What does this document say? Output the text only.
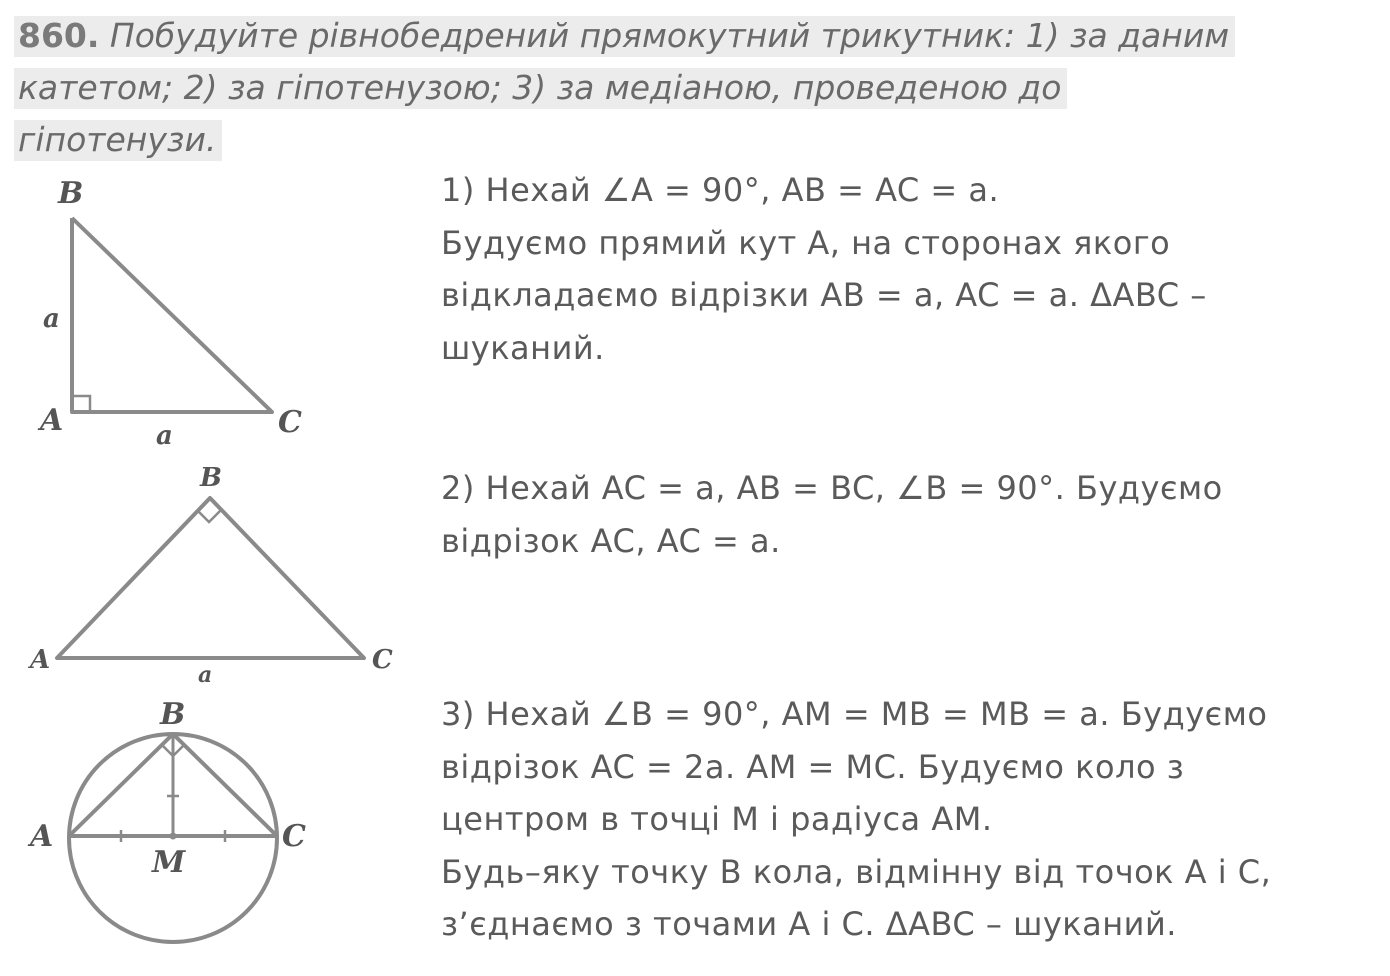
860. Побудуйте рівнобедрений прямокутний трикутник: 1) за даним
катетом; 2) за гіпотенузою; 3) за медіаною, проведеною до
гіпотенузи.
B
A	C
a
a
B
A	C
a
B
A	C
M

1) Нехай ∠A = 90°, AB = AC = a.

Будуємо прямий кут A, на сторонах якого

відкладаємо відрізки AB = a, AC = a. ΔABC –

шуканий.

2) Нехай AC = a, AB = BC, ∠B = 90°. Будуємо

відрізок AC, AC = a.

3) Нехай ∠B = 90°, AM = MB = MB = a. Будуємо

відрізок AC = 2a. AM = MC. Будуємо коло з

центром в точці M і радіуса AM.

Будь–яку точку B кола, відмінну від точок A і C,

з’єднаємо з точами A і C. ΔABC – шуканий.
